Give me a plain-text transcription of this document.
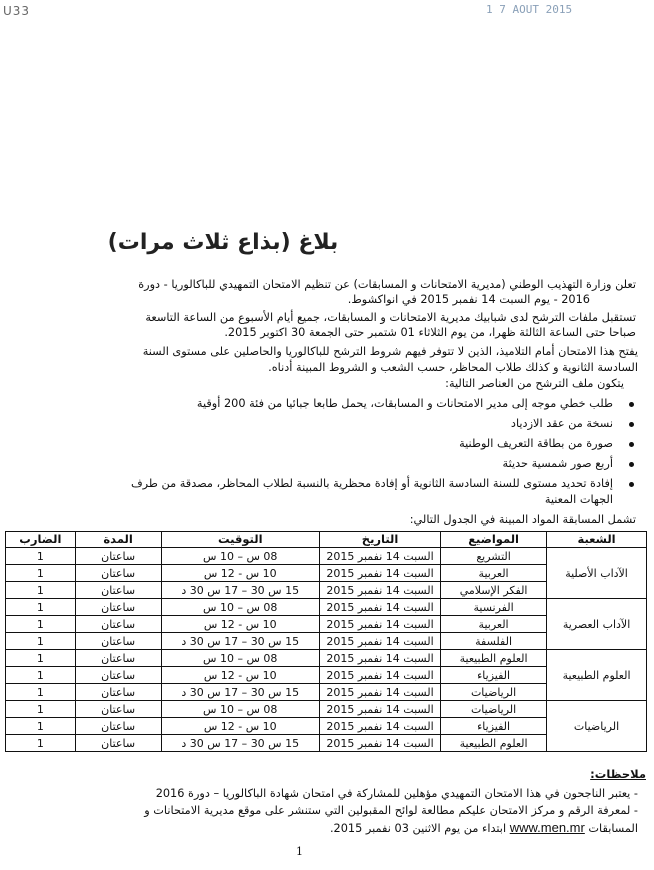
U33	1 7 AOUT 2015
بلاغ (بذاع ثلاث مرات)
تعلن وزارة التهذيب الوطني (مديرية الامتحانات و المسابقات) عن تنظيم الامتحان التمهيدي للباكالوريا - دورة
2016 - يوم السبت 14 نفمبر 2015 في انواكشوط.
تستقبل ملفات الترشح لدى شبابيك مديرية الامتحانات و المسابقات، جميع أيام الأسبوع من الساعة التاسعة
صباحا حتى الساعة الثالثة ظهرا، من يوم الثلاثاء 01 شتمبر حتى الجمعة 30 اكتوبر 2015.
يفتح هذا الامتحان أمام التلاميذ، الذين لا تتوفر فيهم شروط الترشح للباكالوريا والحاصلين على مستوى السنة
السادسة الثانوية و كذلك طلاب المحاظر، حسب الشعب و الشروط المبينة أدناه.
يتكون ملف الترشح من العناصر التالية:
طلب خطي موجه إلى مدير الامتحانات و المسابقات، يحمل طابعا جبائيا من فئة 200 أوقية
نسخة من عقد الازدياد
صورة من بطاقة التعريف الوطنية
أربع صور شمسية حديثة
إفادة تحديد مستوى للسنة السادسة الثانوية أو إفادة محظرية بالنسبة لطلاب المحاظر، مصدقة من طرف
الجهات المعنية
تشمل المسابقة المواد المبينة في الجدول التالي:
الشعبة	المواضيع	التاريخ	التوقيت	المدة	الضارب
الآداب الأصلية	التشريع	السبت 14 نفمبر 2015	08 س – 10 س	ساعتان	1
	العربية	السبت 14 نفمبر 2015	10 س - 12 س	ساعتان	1
	الفكر الإسلامي	السبت 14 نفمبر 2015	15 س 30 – 17 س 30 د	ساعتان	1
الآداب العصرية	الفرنسية	السبت 14 نفمبر 2015	08 س – 10 س	ساعتان	1
	العربية	السبت 14 نفمبر 2015	10 س - 12 س	ساعتان	1
	الفلسفة	السبت 14 نفمبر 2015	15 س 30 – 17 س 30 د	ساعتان	1
العلوم الطبيعية	العلوم الطبيعية	السبت 14 نفمبر 2015	08 س – 10 س	ساعتان	1
	الفيزياء	السبت 14 نفمبر 2015	10 س - 12 س	ساعتان	1
	الرياضيات	السبت 14 نفمبر 2015	15 س 30 – 17 س 30 د	ساعتان	1
الرياضيات	الرياضيات	السبت 14 نفمبر 2015	08 س – 10 س	ساعتان	1
	الفيزياء	السبت 14 نفمبر 2015	10 س - 12 س	ساعتان	1
	العلوم الطبيعية	السبت 14 نفمبر 2015	15 س 30 – 17 س 30 د	ساعتان	1
ملاحظات:
- يعتبر الناجحون في هذا الامتحان التمهيدي مؤهلين للمشاركة في امتحان شهادة الباكالوريا – دورة 2016
- لمعرفة الرقم و مركز الامتحان عليكم مطالعة لوائح المقبولين التي ستنشر على موقع مديرية الامتحانات و
المسابقات www.men.mr ابتداء من يوم الاثنين 03 نفمبر 2015.
1
